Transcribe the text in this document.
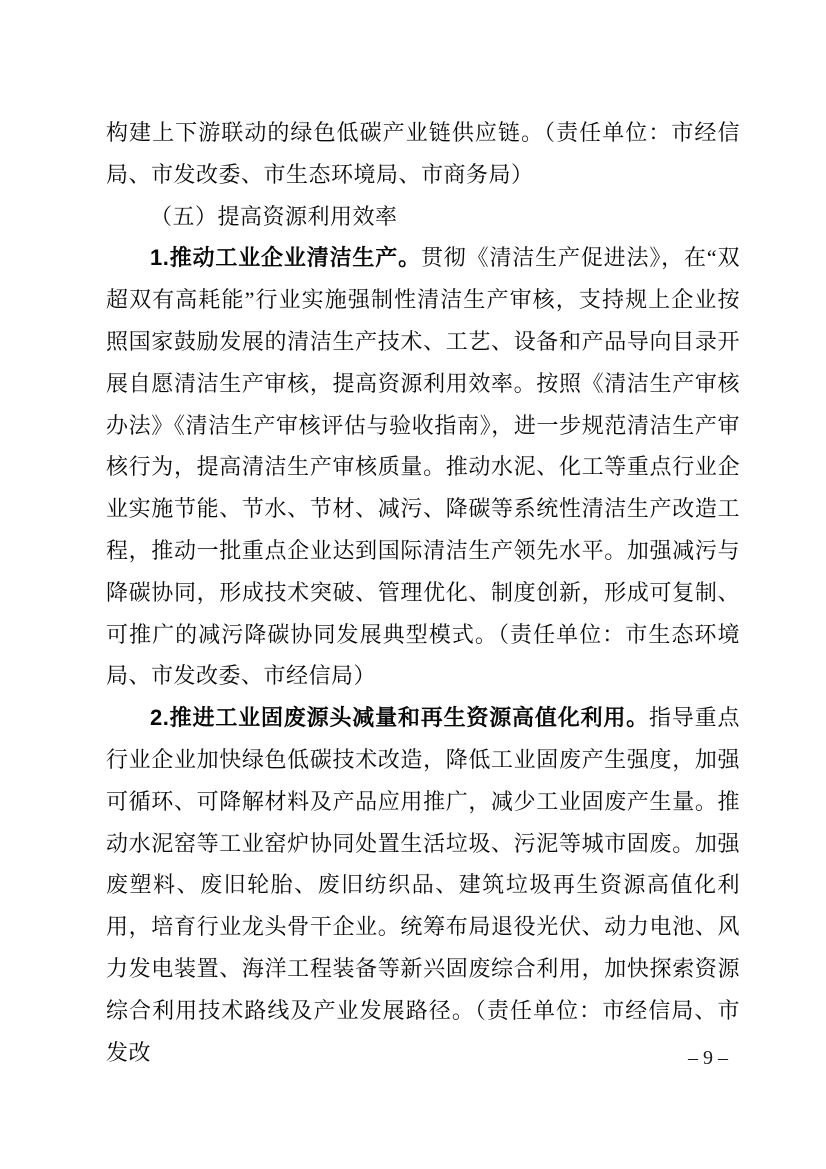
构建上下游联动的绿色低碳产业链供应链。（责任单位：市经信局、市发改委、市生态环境局、市商务局）

（五）提高资源利用效率

1.推动工业企业清洁生产。贯彻《清洁生产促进法》，在“双超双有高耗能”行业实施强制性清洁生产审核，支持规上企业按照国家鼓励发展的清洁生产技术、工艺、设备和产品导向目录开展自愿清洁生产审核，提高资源利用效率。按照《清洁生产审核办法》《清洁生产审核评估与验收指南》，进一步规范清洁生产审核行为，提高清洁生产审核质量。推动水泥、化工等重点行业企业实施节能、节水、节材、减污、降碳等系统性清洁生产改造工程，推动一批重点企业达到国际清洁生产领先水平。加强减污与降碳协同，形成技术突破、管理优化、制度创新，形成可复制、可推广的减污降碳协同发展典型模式。（责任单位：市生态环境局、市发改委、市经信局）

2.推进工业固废源头减量和再生资源高值化利用。指导重点行业企业加快绿色低碳技术改造，降低工业固废产生强度，加强可循环、可降解材料及产品应用推广，减少工业固废产生量。推动水泥窑等工业窑炉协同处置生活垃圾、污泥等城市固废。加强废塑料、废旧轮胎、废旧纺织品、建筑垃圾再生资源高值化利用，培育行业龙头骨干企业。统筹布局退役光伏、动力电池、风力发电装置、海洋工程装备等新兴固废综合利用，加快探索资源综合利用技术路线及产业发展路径。（责任单位：市经信局、市发改	– 9 –
